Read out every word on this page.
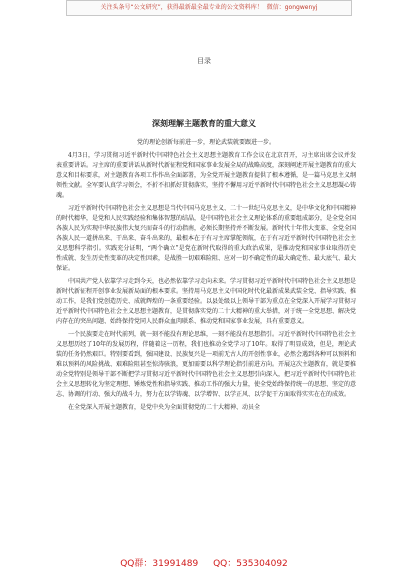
关注头条号“公文研究”，获得最新最全最专业的公文资料库！ 微信：gongwenyj
目录
深刻理解主题教育的重大意义

党的理论创新每前进一步，理论武装就要跟进一步。

4月3日，学习贯彻习近平新时代中国特色社会主义思想主题教育工作会议在北京召开，习主席出席会议并发表重要讲话。习主席的重要讲话从新时代新征程党和国家事业发展全局的战略高度，深刻阐述开展主题教育的重大意义和目标要求，对主题教育各项工作作出全面部署，为全党开展主题教育提供了根本遵循，是一篇马克思主义纲领性文献。全军要认真学习领会，不折不扣抓好贯彻落实，坚持不懈用习近平新时代中国特色社会主义思想凝心铸魂。

习近平新时代中国特色社会主义思想是当代中国马克思主义、二十一世纪马克思主义，是中华文化和中国精神的时代精华，是党和人民实践经验和集体智慧的结晶，是中国特色社会主义理论体系的重要组成部分，是全党全国各族人民为实现中华民族伟大复兴而奋斗的行动指南，必须长期坚持并不断发展。新时代十年伟大变革、全党全国各族人民一道拼出来、干出来、奋斗出来的，最根本在于有习主席掌舵领航，在于有习近平新时代中国特色社会主义思想科学指引。实践充分证明，“两个确立”是党在新时代取得的重大政治成果，是推动党和国家事业取得历史性成就、发生历史性变革的决定性因素，是战胜一切艰难险阻、应对一切不确定性的最大确定性、最大底气、最大保证。

中国共产党人依靠学习走到今天，也必然依靠学习走向未来。学习贯彻习近平新时代中国特色社会主义思想是新时代新征程开创事业发展新局面的根本要求。坚持用马克思主义中国化时代化最新成果武装全党、指导实践、推动工作，是我们党创造历史、成就辉煌的一条重要经验。以县处级以上领导干部为重点在全党深入开展学习贯彻习近平新时代中国特色社会主义思想主题教育，是贯彻落实党的二十大精神的重大举措，对于统一全党思想、解决党内存在的突出问题、始终保持党同人民群众血肉联系、推动党和国家事业发展，具有重要意义。

一个民族要走在时代前列，就一刻不能没有理论思维，一刻不能没有思想指引。习近平新时代中国特色社会主义思想历经了10年的发展历程，伴随着这一历程，我们也推动全党学习了10年。取得了明显成效，但是，理论武装的任务仍然艰巨。特别要看到，强国建设、民族复兴是一项前无古人的开创性事业，必然会遇到各种可以预料和难以预料的风险挑战、艰难险阻甚至惊涛骇浪，更加需要以科学理论指引前进方向。开展这次主题教育，就是要推动全党特别是领导干部不断把学习贯彻习近平新时代中国特色社会主义思想引向深入，把习近平新时代中国特色社会主义思想转化为坚定理想、锤炼党性和指导实践、推动工作的强大力量，使全党始终保持统一的思想、坚定的意志、协调的行动、强大的战斗力，努力在以学铸魂、以学增智、以学正风、以学促干方面取得实实在在的成效。

在全党深入开展主题教育，是党中央为全面贯彻党的二十大精神、动员全

QQ群：31991489 QQ：535304092
